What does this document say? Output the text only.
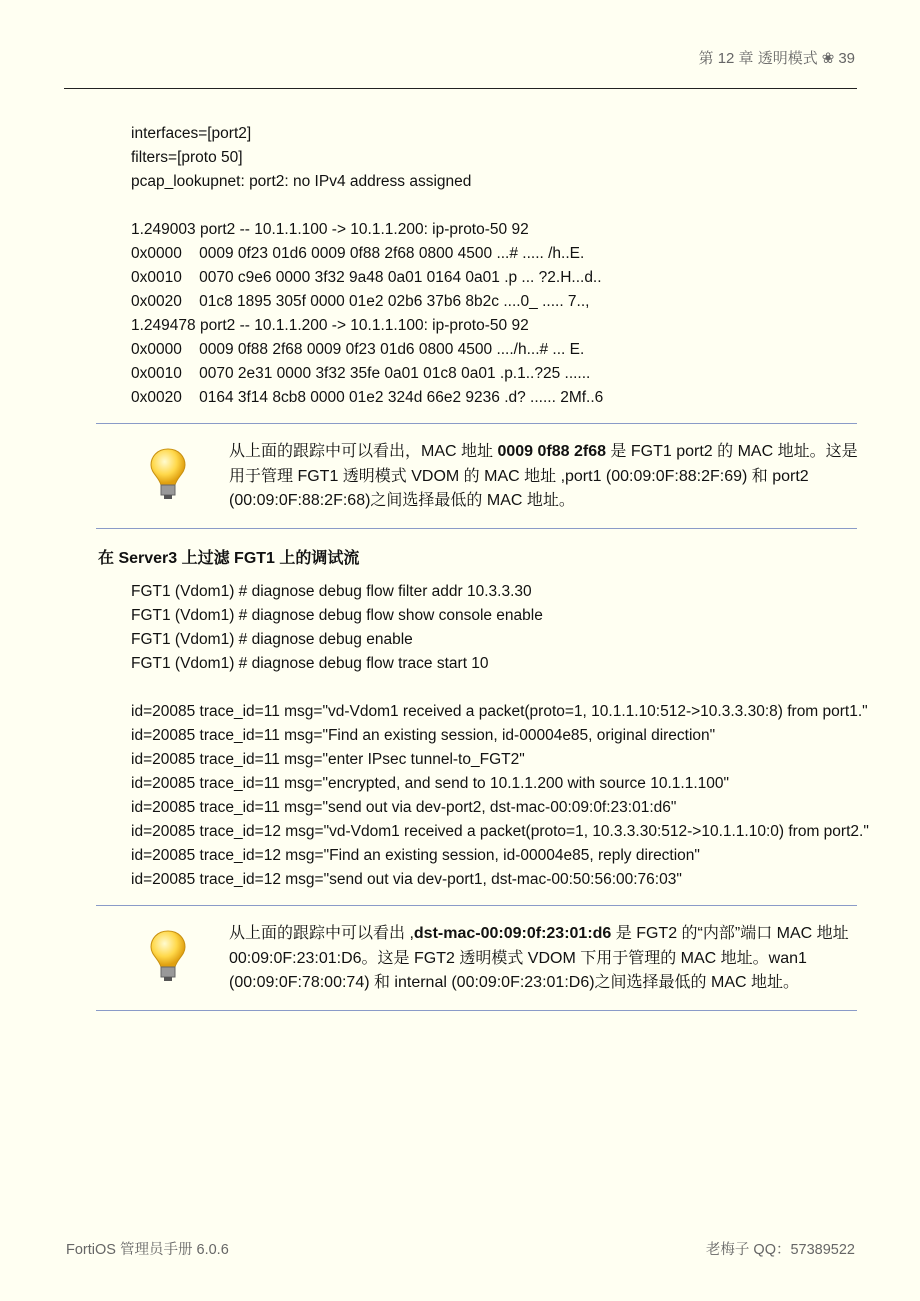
第 12 章 透明模式 ❀ 39
interfaces=[port2]
filters=[proto 50]
pcap_lookupnet: port2: no IPv4 address assigned
1.249003 port2 -- 10.1.1.100 -> 10.1.1.200: ip-proto-50 92
0x0000    0009 0f23 01d6 0009 0f88 2f68 0800 4500 ...# ..... /h..E.
0x0010    0070 c9e6 0000 3f32 9a48 0a01 0164 0a01 .p ... ?2.H...d..
0x0020    01c8 1895 305f 0000 01e2 02b6 37b6 8b2c ....0_ ..... 7..,
1.249478 port2 -- 10.1.1.200 -> 10.1.1.100: ip-proto-50 92
0x0000    0009 0f88 2f68 0009 0f23 01d6 0800 4500 ..../h...# ... E.
0x0010    0070 2e31 0000 3f32 35fe 0a01 01c8 0a01 .p.1..?25 ......
0x0020    0164 3f14 8cb8 0000 01e2 324d 66e2 9236 .d? ...... 2Mf..6
从上面的跟踪中可以看出，MAC 地址 0009 0f88 2f68 是 FGT1 port2 的 MAC 地址。这是用于管理 FGT1 透明模式 VDOM 的 MAC 地址 ,port1 (00:09:0F:88:2F:69) 和 port2 (00:09:0F:88:2F:68)之间选择最低的 MAC 地址。
在 Server3 上过滤 FGT1 上的调试流
FGT1 (Vdom1) # diagnose debug flow filter addr 10.3.3.30
FGT1 (Vdom1) # diagnose debug flow show console enable
FGT1 (Vdom1) # diagnose debug enable
FGT1 (Vdom1) # diagnose debug flow trace start 10
id=20085 trace_id=11 msg="vd-Vdom1 received a packet(proto=1, 10.1.1.10:512->10.3.3.30:8) from port1."
id=20085 trace_id=11 msg="Find an existing session, id-00004e85, original direction"
id=20085 trace_id=11 msg="enter IPsec tunnel-to_FGT2"
id=20085 trace_id=11 msg="encrypted, and send to 10.1.1.200 with source 10.1.1.100"
id=20085 trace_id=11 msg="send out via dev-port2, dst-mac-00:09:0f:23:01:d6"
id=20085 trace_id=12 msg="vd-Vdom1 received a packet(proto=1, 10.3.3.30:512->10.1.1.10:0) from port2."
id=20085 trace_id=12 msg="Find an existing session, id-00004e85, reply direction"
id=20085 trace_id=12 msg="send out via dev-port1, dst-mac-00:50:56:00:76:03"
从上面的跟踪中可以看出 ,dst-mac-00:09:0f:23:01:d6 是 FGT2 的“内部”端口 MAC 地址 00:09:0F:23:01:D6。这是 FGT2 透明模式 VDOM 下用于管理的 MAC 地址。wan1 (00:09:0F:78:00:74) 和 internal (00:09:0F:23:01:D6)之间选择最低的 MAC 地址。
FortiOS 管理员手册 6.0.6	老梅子 QQ：57389522
